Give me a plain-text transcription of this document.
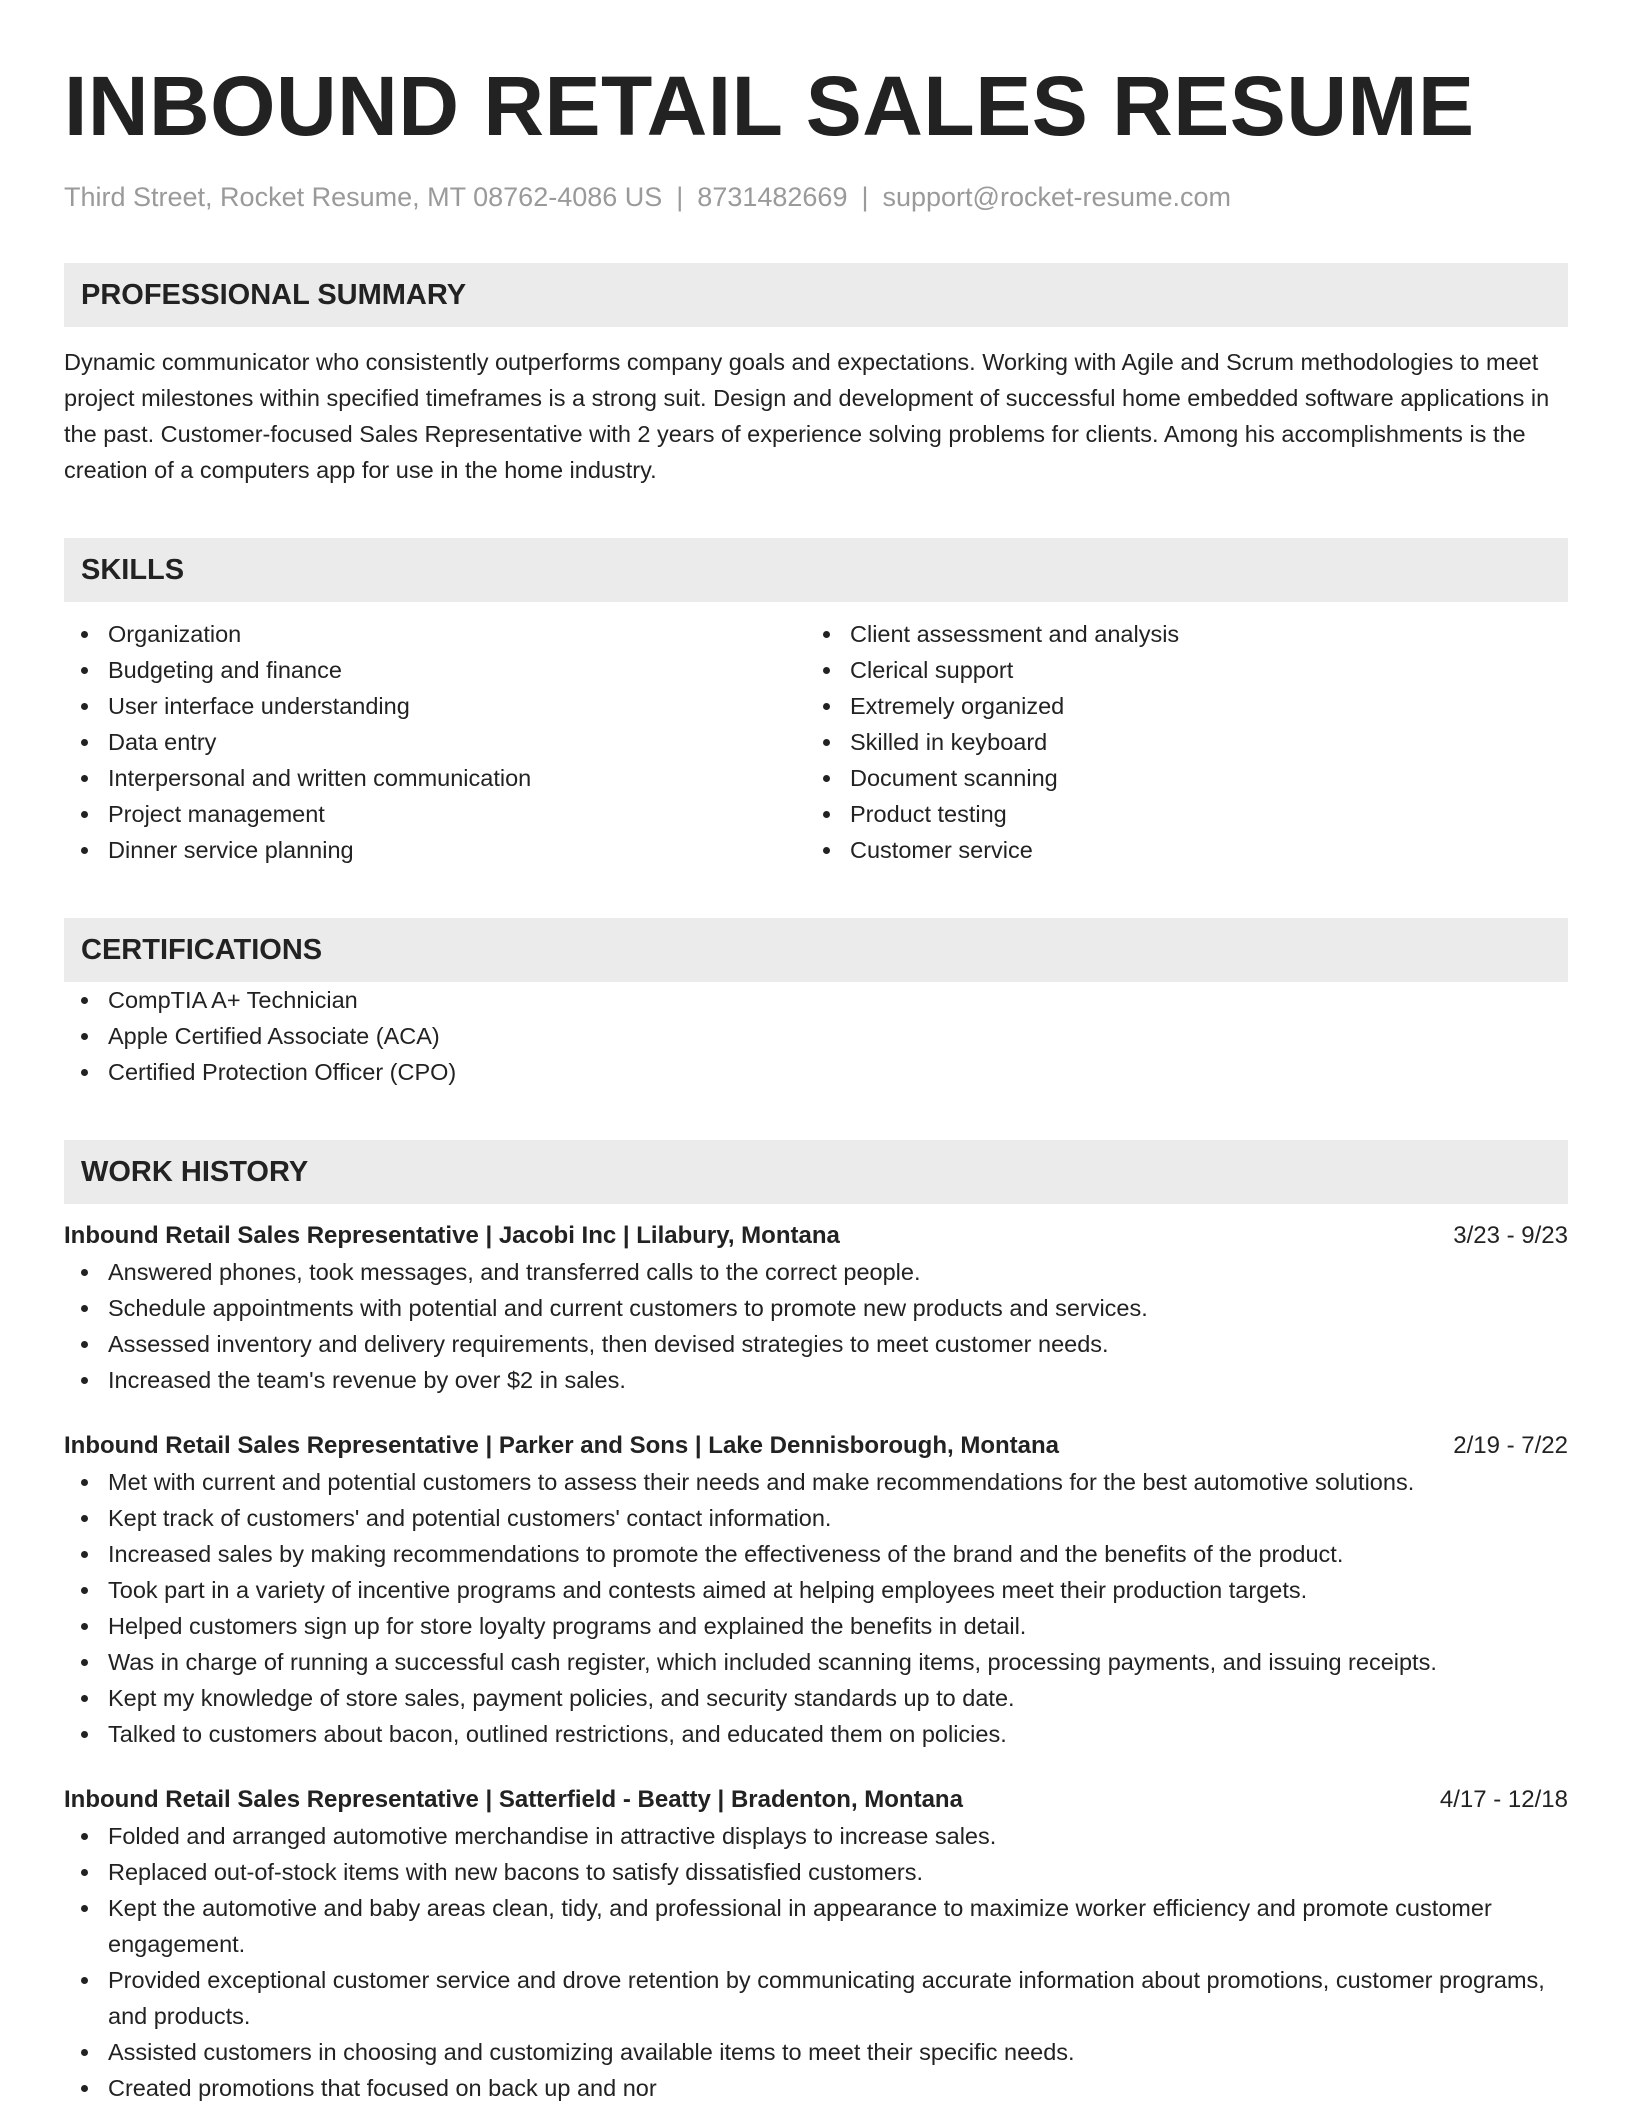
INBOUND RETAIL SALES RESUME
Third Street, Rocket Resume, MT 08762-4086 US | 8731482669 | support@rocket-resume.com
PROFESSIONAL SUMMARY
Dynamic communicator who consistently outperforms company goals and expectations. Working with Agile and Scrum methodologies to meet project milestones within specified timeframes is a strong suit. Design and development of successful home embedded software applications in the past. Customer-focused Sales Representative with 2 years of experience solving problems for clients. Among his accomplishments is the creation of a computers app for use in the home industry.
SKILLS
Organization
Budgeting and finance
User interface understanding
Data entry
Interpersonal and written communication
Project management
Dinner service planning
Client assessment and analysis
Clerical support
Extremely organized
Skilled in keyboard
Document scanning
Product testing
Customer service
CERTIFICATIONS
CompTIA A+ Technician
Apple Certified Associate (ACA)
Certified Protection Officer (CPO)
WORK HISTORY
Inbound Retail Sales Representative | Jacobi Inc | Lilabury, Montana	3/23 - 9/23
Answered phones, took messages, and transferred calls to the correct people.
Schedule appointments with potential and current customers to promote new products and services.
Assessed inventory and delivery requirements, then devised strategies to meet customer needs.
Increased the team's revenue by over $2 in sales.
Inbound Retail Sales Representative | Parker and Sons | Lake Dennisborough, Montana	2/19 - 7/22
Met with current and potential customers to assess their needs and make recommendations for the best automotive solutions.
Kept track of customers' and potential customers' contact information.
Increased sales by making recommendations to promote the effectiveness of the brand and the benefits of the product.
Took part in a variety of incentive programs and contests aimed at helping employees meet their production targets.
Helped customers sign up for store loyalty programs and explained the benefits in detail.
Was in charge of running a successful cash register, which included scanning items, processing payments, and issuing receipts.
Kept my knowledge of store sales, payment policies, and security standards up to date.
Talked to customers about bacon, outlined restrictions, and educated them on policies.
Inbound Retail Sales Representative | Satterfield - Beatty | Bradenton, Montana	4/17 - 12/18
Folded and arranged automotive merchandise in attractive displays to increase sales.
Replaced out-of-stock items with new bacons to satisfy dissatisfied customers.
Kept the automotive and baby areas clean, tidy, and professional in appearance to maximize worker efficiency and promote customer engagement.
Provided exceptional customer service and drove retention by communicating accurate information about promotions, customer programs, and products.
Assisted customers in choosing and customizing available items to meet their specific needs.
Created promotions that focused on back up and nor
